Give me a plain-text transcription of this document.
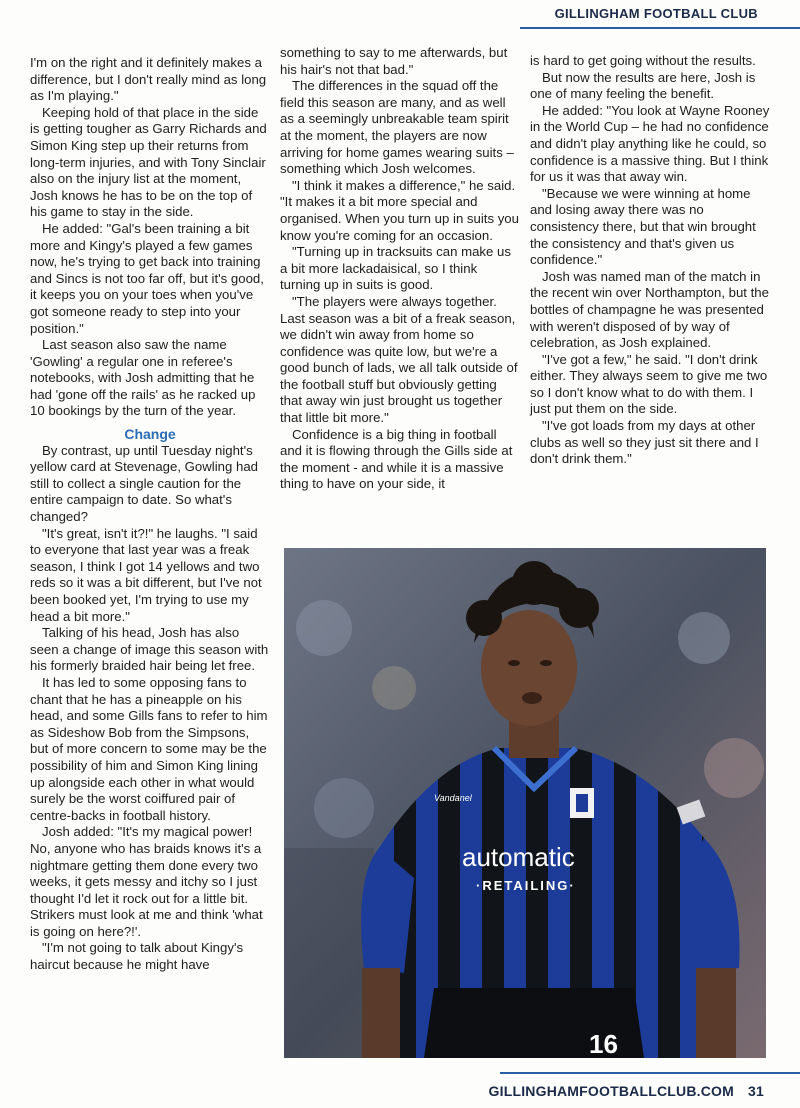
GILLINGHAM FOOTBALL CLUB

I'm on the right and it definitely makes a difference, but I don't really mind as long as I'm playing."

Keeping hold of that place in the side is getting tougher as Garry Richards and Simon King step up their returns from long-term injuries, and with Tony Sinclair also on the injury list at the moment, Josh knows he has to be on the top of his game to stay in the side.

He added: "Gal's been training a bit more and Kingy's played a few games now, he's trying to get back into training and Sincs is not too far off, but it's good, it keeps you on your toes when you've got someone ready to step into your position."

Last season also saw the name 'Gowling' a regular one in referee's notebooks, with Josh admitting that he had 'gone off the rails' as he racked up 10 bookings by the turn of the year.

Change

By contrast, up until Tuesday night's yellow card at Stevenage, Gowling had still to collect a single caution for the entire campaign to date. So what's changed?

"It's great, isn't it?!" he laughs. "I said to everyone that last year was a freak season, I think I got 14 yellows and two reds so it was a bit different, but I've not been booked yet, I'm trying to use my head a bit more."

Talking of his head, Josh has also seen a change of image this season with his formerly braided hair being let free.

It has led to some opposing fans to chant that he has a pineapple on his head, and some Gills fans to refer to him as Sideshow Bob from the Simpsons, but of more concern to some may be the possibility of him and Simon King lining up alongside each other in what would surely be the worst coiffured pair of centre-backs in football history.

Josh added: "It's my magical power! No, anyone who has braids knows it's a nightmare getting them done every two weeks, it gets messy and itchy so I just thought I'd let it rock out for a little bit. Strikers must look at me and think 'what is going on here?!'.

"I'm not going to talk about Kingy's haircut because he might have

something to say to me afterwards, but his hair's not that bad."

The differences in the squad off the field this season are many, and as well as a seemingly unbreakable team spirit at the moment, the players are now arriving for home games wearing suits – something which Josh welcomes.

"I think it makes a difference," he said. "It makes it a bit more special and organised. When you turn up in suits you know you're coming for an occasion.

"Turning up in tracksuits can make us a bit more lackadaisical, so I think turning up in suits is good.

"The players were always together. Last season was a bit of a freak season, we didn't win away from home so confidence was quite low, but we're a good bunch of lads, we all talk outside of the football stuff but obviously getting that away win just brought us together that little bit more."

Confidence is a big thing in football and it is flowing through the Gills side at the moment - and while it is a massive thing to have on your side, it

is hard to get going without the results.

But now the results are here, Josh is one of many feeling the benefit.

He added: "You look at Wayne Rooney in the World Cup – he had no confidence and didn't play anything like he could, so confidence is a massive thing. But I think for us it was that away win.

"Because we were winning at home and losing away there was no consistency there, but that win brought the consistency and that's given us confidence."

Josh was named man of the match in the recent win over Northampton, but the bottles of champagne he was presented with weren't disposed of by way of celebration, as Josh explained.

"I've got a few," he said. "I don't drink either. They always seem to give me two so I don't know what to do with them. I just put them on the side.

"I've got loads from my days at other clubs as well so they just sit there and I don't drink them."

Vandanel
automatic
·RETAILING·
16
GILLINGHAMFOOTBALLCLUB.COM 31
